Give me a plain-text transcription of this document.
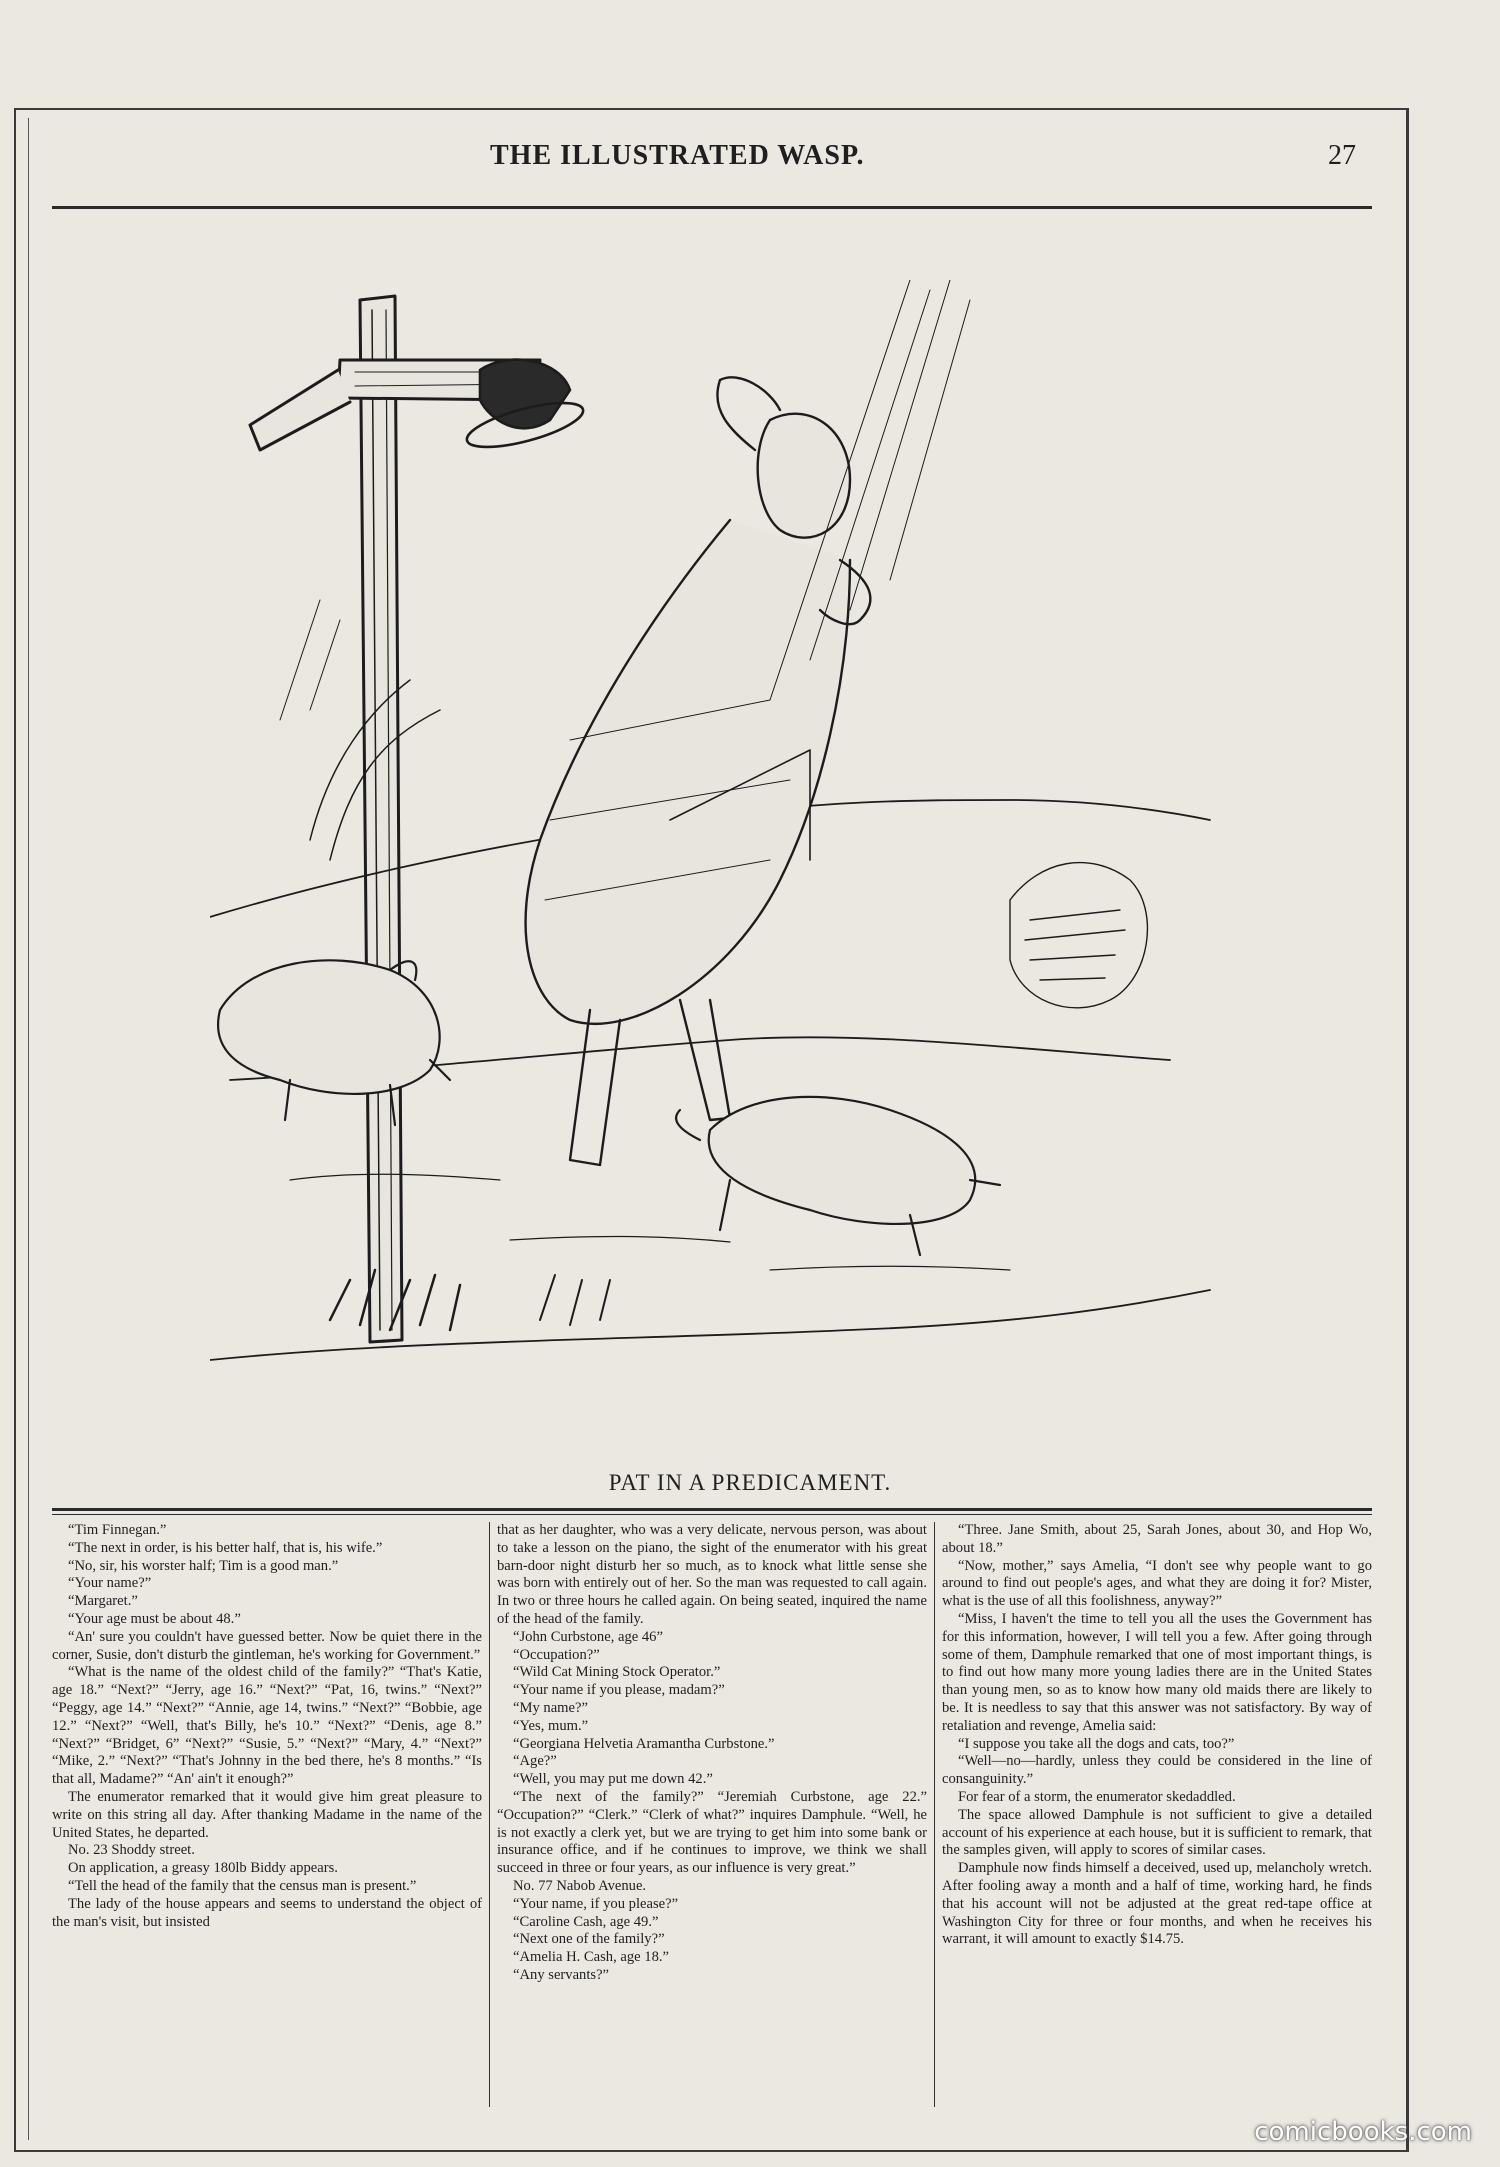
THE ILLUSTRATED WASP.	27
PAT IN A PREDICAMENT.

“Tim Finnegan.”

“The next in order, is his better half, that is, his wife.”

“No, sir, his worster half; Tim is a good man.”

“Your name?”

“Margaret.”

“Your age must be about 48.”

“An' sure you couldn't have guessed better. Now be quiet there in the corner, Susie, don't disturb the gintleman, he's working for Government.”

“What is the name of the oldest child of the family?” “That's Katie, age 18.” “Next?” “Jerry, age 16.” “Next?” “Pat, 16, twins.” “Next?” “Peggy, age 14.” “Next?” “Annie, age 14, twins.” “Next?” “Bobbie, age 12.” “Next?” “Well, that's Billy, he's 10.” “Next?” “Denis, age 8.” “Next?” “Bridget, 6” “Next?” “Susie, 5.” “Next?” “Mary, 4.” “Next?” “Mike, 2.” “Next?” “That's Johnny in the bed there, he's 8 months.” “Is that all, Madame?” “An' ain't it enough?”

The enumerator remarked that it would give him great pleasure to write on this string all day. After thanking Madame in the name of the United States, he departed.

No. 23 Shoddy street.

On application, a greasy 180lb Biddy appears.

“Tell the head of the family that the census man is present.”

The lady of the house appears and seems to understand the object of the man's visit, but insisted

that as her daughter, who was a very delicate, nervous person, was about to take a lesson on the piano, the sight of the enumerator with his great barn-door night disturb her so much, as to knock what little sense she was born with entirely out of her. So the man was requested to call again. In two or three hours he called again. On being seated, inquired the name of the head of the family.

“John Curbstone, age 46”

“Occupation?”

“Wild Cat Mining Stock Operator.”

“Your name if you please, madam?”

“My name?”

“Yes, mum.”

“Georgiana Helvetia Aramantha Curbstone.”

“Age?”

“Well, you may put me down 42.”

“The next of the family?” “Jeremiah Curbstone, age 22.” “Occupation?” “Clerk.” “Clerk of what?” inquires Damphule. “Well, he is not exactly a clerk yet, but we are trying to get him into some bank or insurance office, and if he continues to improve, we think we shall succeed in three or four years, as our influence is very great.”

No. 77 Nabob Avenue.

“Your name, if you please?”

“Caroline Cash, age 49.”

“Next one of the family?”

“Amelia H. Cash, age 18.”

“Any servants?”

“Three. Jane Smith, about 25, Sarah Jones, about 30, and Hop Wo, about 18.”

“Now, mother,” says Amelia, “I don't see why people want to go around to find out people's ages, and what they are doing it for? Mister, what is the use of all this foolishness, anyway?”

“Miss, I haven't the time to tell you all the uses the Government has for this information, however, I will tell you a few. After going through some of them, Damphule remarked that one of most important things, is to find out how many more young ladies there are in the United States than young men, so as to know how many old maids there are likely to be. It is needless to say that this answer was not satisfactory. By way of retaliation and revenge, Amelia said:

“I suppose you take all the dogs and cats, too?”

“Well—no—hardly, unless they could be considered in the line of consanguinity.”

For fear of a storm, the enumerator skedaddled.

The space allowed Damphule is not sufficient to give a detailed account of his experience at each house, but it is sufficient to remark, that the samples given, will apply to scores of similar cases.

Damphule now finds himself a deceived, used up, melancholy wretch. After fooling away a month and a half of time, working hard, he finds that his account will not be adjusted at the great red-tape office at Washington City for three or four months, and when he receives his warrant, it will amount to exactly $14.75.

comicbooks.com
